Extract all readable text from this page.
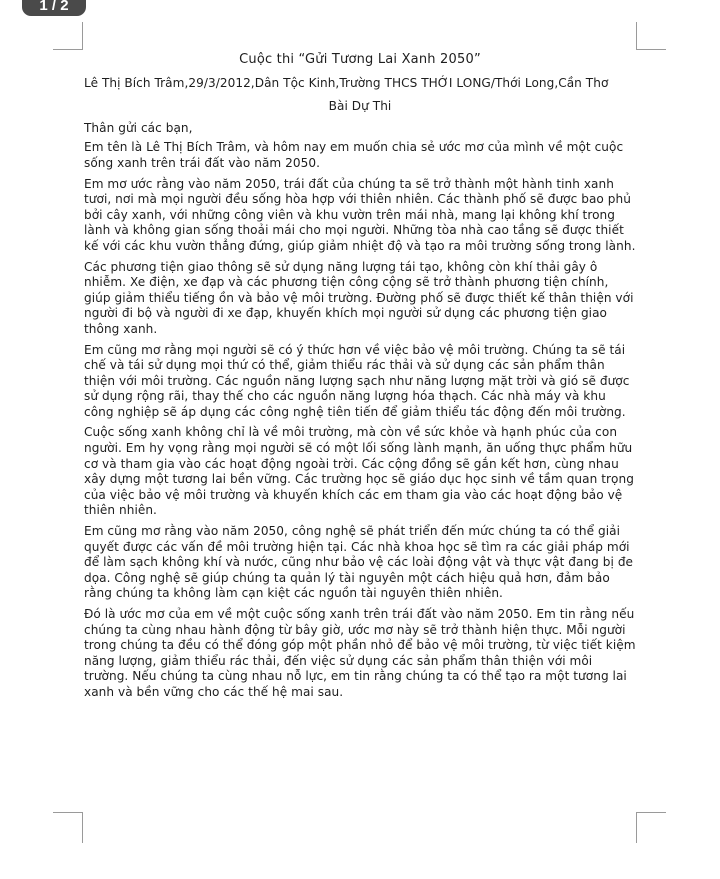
1 / 2
Cuộc thi “Gửi Tương Lai Xanh 2050”
Lê Thị Bích Trâm,29/3/2012,Dân Tộc Kinh,Trường THCS THỚI LONG/Thới Long,Cần Thơ
Bài Dự Thi
Thân gửi các bạn,
Em tên là Lê Thị Bích Trâm, và hôm nay em muốn chia sẻ ước mơ của mình về một cuộc sống xanh trên trái đất vào năm 2050.
Em mơ ước rằng vào năm 2050, trái đất của chúng ta sẽ trở thành một hành tinh xanh tươi, nơi mà mọi người đều sống hòa hợp với thiên nhiên. Các thành phố sẽ được bao phủ bởi cây xanh, với những công viên và khu vườn trên mái nhà, mang lại không khí trong lành và không gian sống thoải mái cho mọi người. Những tòa nhà cao tầng sẽ được thiết kế với các khu vườn thẳng đứng, giúp giảm nhiệt độ và tạo ra môi trường sống trong lành.
Các phương tiện giao thông sẽ sử dụng năng lượng tái tạo, không còn khí thải gây ô nhiễm. Xe điện, xe đạp và các phương tiện công cộng sẽ trở thành phương tiện chính, giúp giảm thiểu tiếng ồn và bảo vệ môi trường. Đường phố sẽ được thiết kế thân thiện với người đi bộ và người đi xe đạp, khuyến khích mọi người sử dụng các phương tiện giao thông xanh.
Em cũng mơ rằng mọi người sẽ có ý thức hơn về việc bảo vệ môi trường. Chúng ta sẽ tái chế và tái sử dụng mọi thứ có thể, giảm thiểu rác thải và sử dụng các sản phẩm thân thiện với môi trường. Các nguồn năng lượng sạch như năng lượng mặt trời và gió sẽ được sử dụng rộng rãi, thay thế cho các nguồn năng lượng hóa thạch. Các nhà máy và khu công nghiệp sẽ áp dụng các công nghệ tiên tiến để giảm thiểu tác động đến môi trường.
Cuộc sống xanh không chỉ là về môi trường, mà còn về sức khỏe và hạnh phúc của con người. Em hy vọng rằng mọi người sẽ có một lối sống lành mạnh, ăn uống thực phẩm hữu cơ và tham gia vào các hoạt động ngoài trời. Các cộng đồng sẽ gắn kết hơn, cùng nhau xây dựng một tương lai bền vững. Các trường học sẽ giáo dục học sinh về tầm quan trọng của việc bảo vệ môi trường và khuyến khích các em tham gia vào các hoạt động bảo vệ thiên nhiên.
Em cũng mơ rằng vào năm 2050, công nghệ sẽ phát triển đến mức chúng ta có thể giải quyết được các vấn đề môi trường hiện tại. Các nhà khoa học sẽ tìm ra các giải pháp mới để làm sạch không khí và nước, cũng như bảo vệ các loài động vật và thực vật đang bị đe dọa. Công nghệ sẽ giúp chúng ta quản lý tài nguyên một cách hiệu quả hơn, đảm bảo rằng chúng ta không làm cạn kiệt các nguồn tài nguyên thiên nhiên.
Đó là ước mơ của em về một cuộc sống xanh trên trái đất vào năm 2050. Em tin rằng nếu chúng ta cùng nhau hành động từ bây giờ, ước mơ này sẽ trở thành hiện thực. Mỗi người trong chúng ta đều có thể đóng góp một phần nhỏ để bảo vệ môi trường, từ việc tiết kiệm năng lượng, giảm thiểu rác thải, đến việc sử dụng các sản phẩm thân thiện với môi trường. Nếu chúng ta cùng nhau nỗ lực, em tin rằng chúng ta có thể tạo ra một tương lai xanh và bền vững cho các thế hệ mai sau.
